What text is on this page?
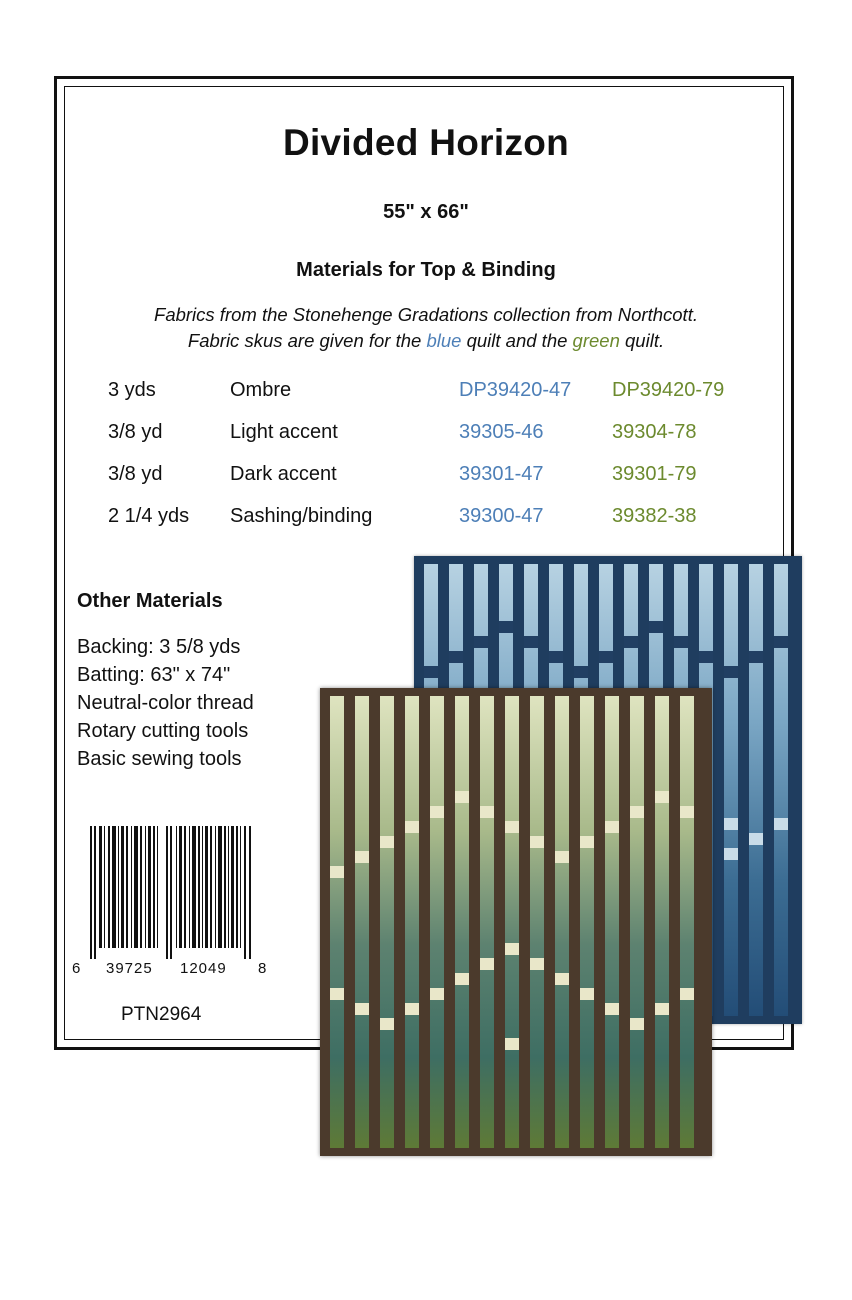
Divided Horizon
55" x 66"
Materials for Top & Binding
Fabrics from the Stonehenge Gradations collection from Northcott.
Fabric skus are given for the blue quilt and the green quilt.
3 yds	Ombre	DP39420-47 DP39420-79
3/8 yd	Light accent	39305-46	39304-78
3/8 yd	Dark accent	39301-47	39301-79
2 1/4 yds Sashing/binding	39300-47	39382-38
Other Materials
Backing: 3 5/8 yds
Batting: 63" x 74"
Neutral-color thread
Rotary cutting tools
Basic sewing tools
6 39725 12049 8
PTN2964
